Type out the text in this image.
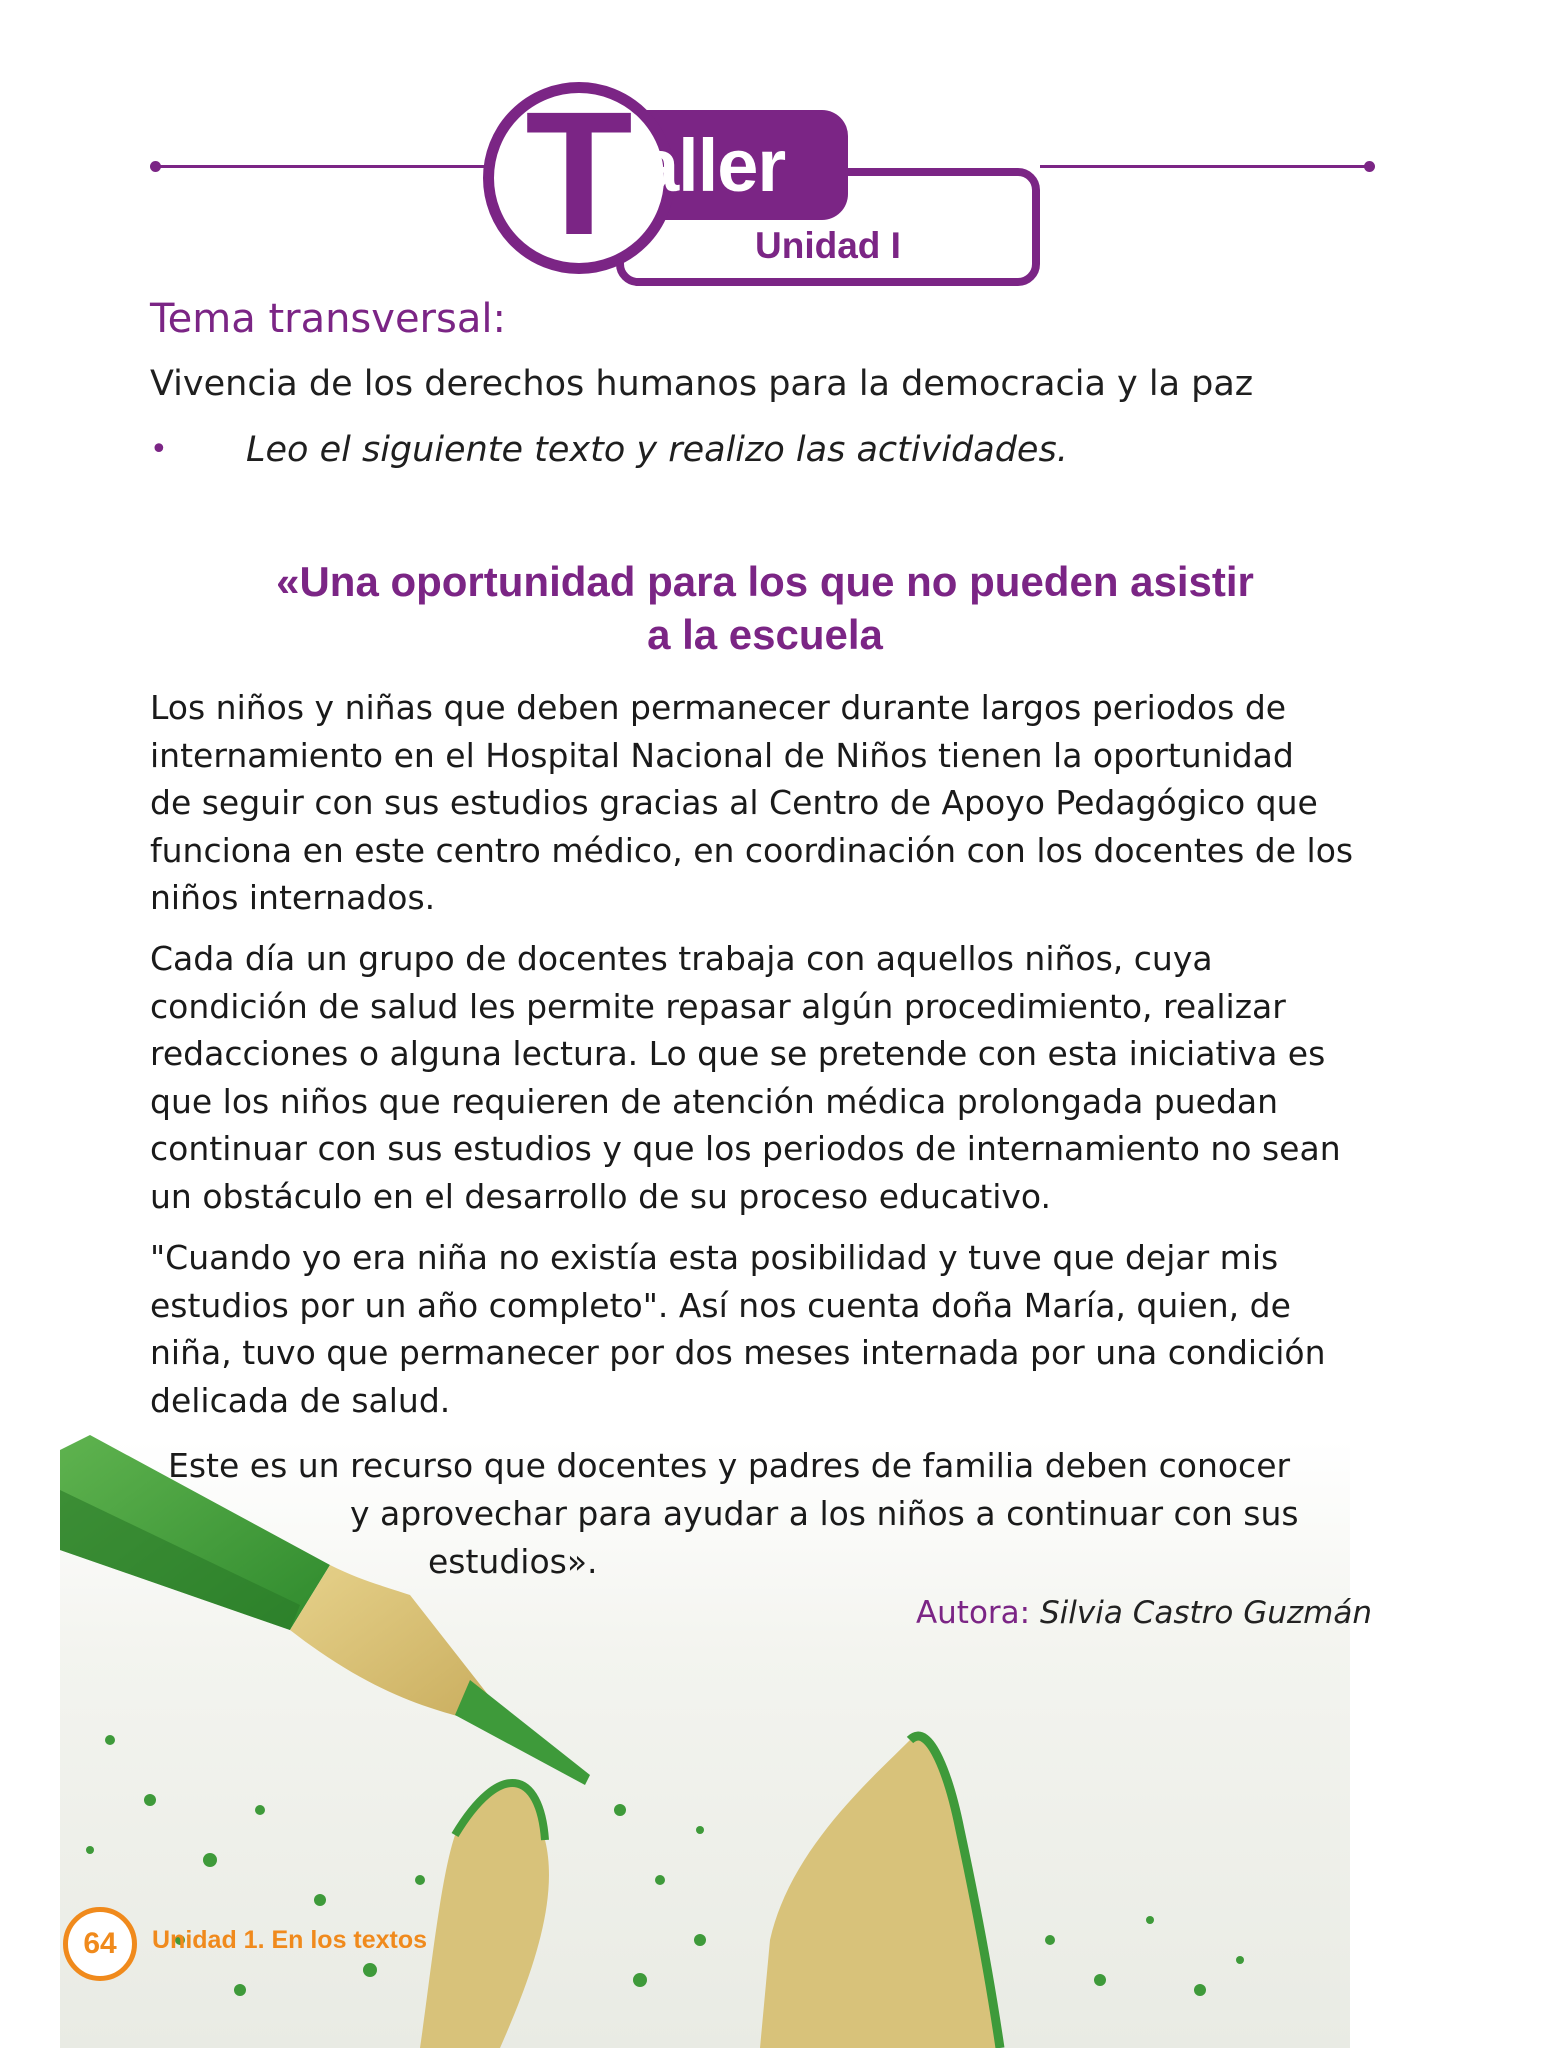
T aller
Unidad I
Tema transversal:
Vivencia de los derechos humanos para la democracia y la paz
• Leo el siguiente texto y realizo las actividades.
«Una oportunidad para los que no pueden asistir
a la escuela
Los niños y niñas que deben permanecer durante largos periodos de
internamiento en el Hospital Nacional de Niños tienen la oportunidad
de seguir con sus estudios gracias al Centro de Apoyo Pedagógico que
funciona en este centro médico, en coordinación con los docentes de los
niños internados.
Cada día un grupo de docentes trabaja con aquellos niños, cuya
condición de salud les permite repasar algún procedimiento, realizar
redacciones o alguna lectura. Lo que se pretende con esta iniciativa es
que los niños que requieren de atención médica prolongada puedan
continuar con sus estudios y que los periodos de internamiento no sean
un obstáculo en el desarrollo de su proceso educativo.
"Cuando yo era niña no existía esta posibilidad y tuve que dejar mis
estudios por un año completo". Así nos cuenta doña María, quien, de
niña, tuvo que permanecer por dos meses internada por una condición
delicada de salud.
Este es un recurso que docentes y padres de familia deben conocer
y aprovechar para ayudar a los niños a continuar con sus
estudios».
Autora: Silvia Castro Guzmán
64	Unidad 1. En los textos
